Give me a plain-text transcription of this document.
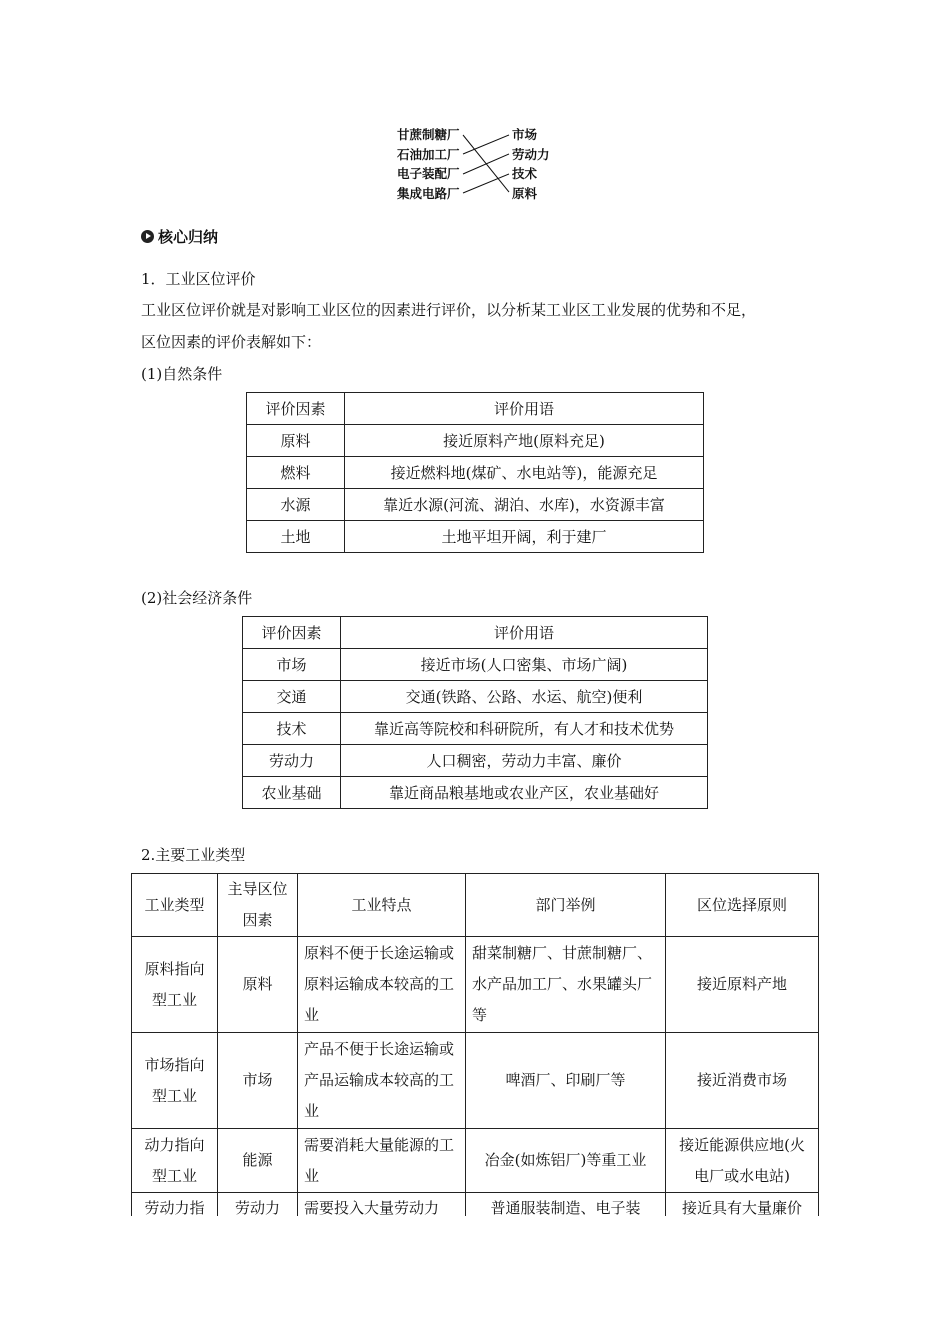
甘蔗制糖厂
石油加工厂
电子装配厂
集成电路厂
市场
劳动力
技术
原料
核心归纳
1．工业区位评价
工业区位评价就是对影响工业区位的因素进行评价，以分析某工业区工业发展的优势和不足，
区位因素的评价表解如下：
(1)自然条件
评价因素	评价用语
原料	接近原料产地(原料充足)
燃料	接近燃料地(煤矿、水电站等)，能源充足
水源	靠近水源(河流、湖泊、水库)，水资源丰富
土地	土地平坦开阔，利于建厂
(2)社会经济条件
评价因素	评价用语
市场	接近市场(人口密集、市场广阔)
交通	交通(铁路、公路、水运、航空)便利
技术	靠近高等院校和科研院所，有人才和技术优势
劳动力	人口稠密，劳动力丰富、廉价
农业基础	靠近商品粮基地或农业产区，农业基础好
2.主要工业类型
工业类型	主导区位因素	工业特点	部门举例	区位选择原则
原料指向型工业	原料	原料不便于长途运输或原料运输成本较高的工业	甜菜制糖厂、甘蔗制糖厂、水产品加工厂、水果罐头厂等	接近原料产地
市场指向型工业	市场	产品不便于长途运输或产品运输成本较高的工业	啤酒厂、印刷厂等	接近消费市场
动力指向型工业	能源	需要消耗大量能源的工业	冶金(如炼铝厂)等重工业	接近能源供应地(火电厂或水电站)
劳动力指	劳动力	需要投入大量劳动力	普通服装制造、电子装	接近具有大量廉价
